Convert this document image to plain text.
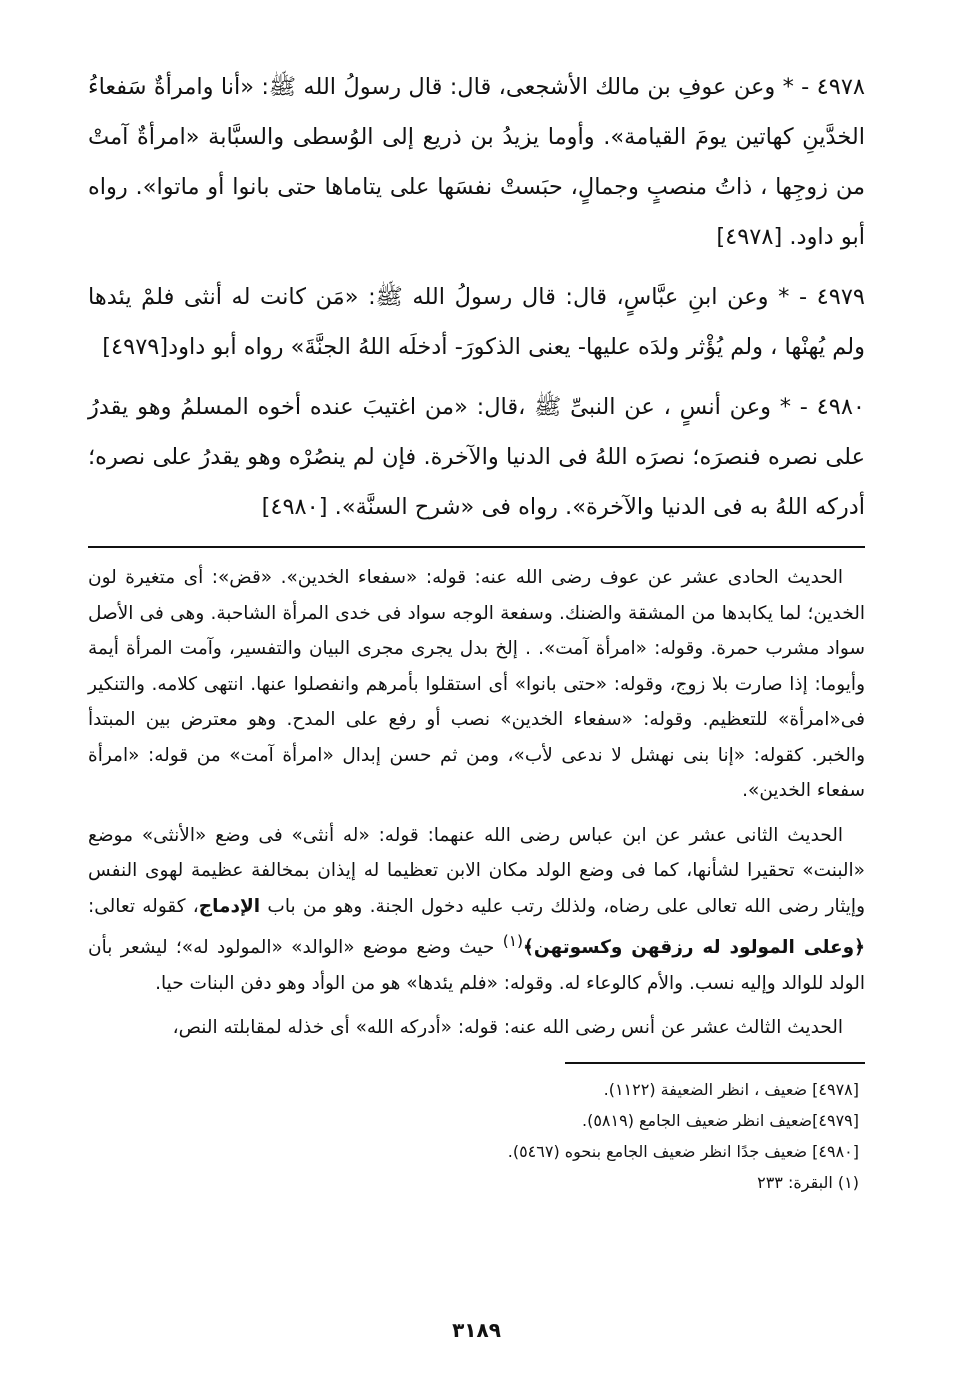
٤٩٧٨ - * وعن عوفِ بن مالك الأشجعى، قال: قال رسولُ الله ﷺ: «أنا وامرأةٌ سَفعاءُ الخدَّينِ كهاتين يومَ القيامة». وأوما يزيدُ بن ذريع إلى الوُسطى والسبَّابة «امرأةٌ آمتْ من زوجِها ، ذاتُ منصبٍ وجمالٍ، حبَستْ نفسَها على يتاماها حتى بانوا أو ماتوا». رواه أبو داود. [٤٩٧٨]

٤٩٧٩ - * وعن ابنِ عبَّاسٍ، قال: قال رسولُ الله ﷺ: «مَن كانت له أنثى فلمْ يئدها ولم يُهنْها ، ولم يُؤْثر ولدَه عليها- يعنى الذكورَ- أدخلَه اللهُ الجنَّةَ» رواه أبو داود[٤٩٧٩]

٤٩٨٠ - * وعن أنسٍ ، عن النبىِّ ﷺ ،قال: «من اغتيبَ عنده أخوه المسلمُ وهو يقدرُ على نصره فنصرَه؛ نصرَه اللهُ فى الدنيا والآخرة. فإن لم ينصُرْه وهو يقدرُ على نصره؛ أدركه اللهُ به فى الدنيا والآخرة». رواه فى «شرح السنَّة». [٤٩٨٠]

الحديث الحادى عشر عن عوف رضى الله عنه: قوله: «سفعاء الخدين». «قض»: أى متغيرة لون الخدين؛ لما يكابدها من المشقة والضنك. وسفعة الوجه سواد فى خدى المرأة الشاحبة. وهى فى الأصل سواد مشرب حمرة. وقوله: «امرأة آمت». . إلخ بدل يجرى مجرى البيان والتفسير، وآمت المرأة أيمة وأيوما: إذا صارت بلا زوج، وقوله: «حتى بانوا» أى استقلوا بأمرهم وانفصلوا عنها. انتهى كلامه. والتنكير فى«امرأة» للتعظيم. وقوله: «سفعاء الخدين» نصب أو رفع على المدح. وهو معترض بين المبتدأ والخبر. كقوله: «إنا بنى نهشل لا ندعى لأب»، ومن ثم حسن إبدال «امرأة آمت» من قوله: «امرأة سفعاء الخدين».

الحديث الثانى عشر عن ابن عباس رضى الله عنهما: قوله: «له أنثى» فى وضع «الأنثى» موضع «البنت» تحقيرا لشأنها، كما فى وضع الولد مكان الابن تعظيما له إيذان بمخالفة عظيمة لهوى النفس وإيثار رضى الله تعالى على رضاه، ولذلك رتب عليه دخول الجنة. وهو من باب الإدماج، كقوله تعالى: ﴿وعلى المولود له رزقهن وكسوتهن﴾$^{(١)}$ حيث وضع موضع «الوالد» «المولود له»؛ ليشعر بأن الولد للوالد وإليه نسب. والأم كالوعاء له. وقوله: «فلم يئدها» هو من الوأد وهو دفن البنات حيا.

الحديث الثالث عشر عن أنس رضى الله عنه: قوله: «أدركه الله» أى خذله لمقابلته النص،

[٤٩٧٨] ضعيف ، انظر الضعيفة (١١٢٢).
[٤٩٧٩]ضعيف انظر ضعيف الجامع (٥٨١٩).
[٤٩٨٠] ضعيف جدًا انظر ضعيف الجامع بنحوه (٥٤٦٧).
(١) البقرة: ٢٣٣
٣١٨٩
